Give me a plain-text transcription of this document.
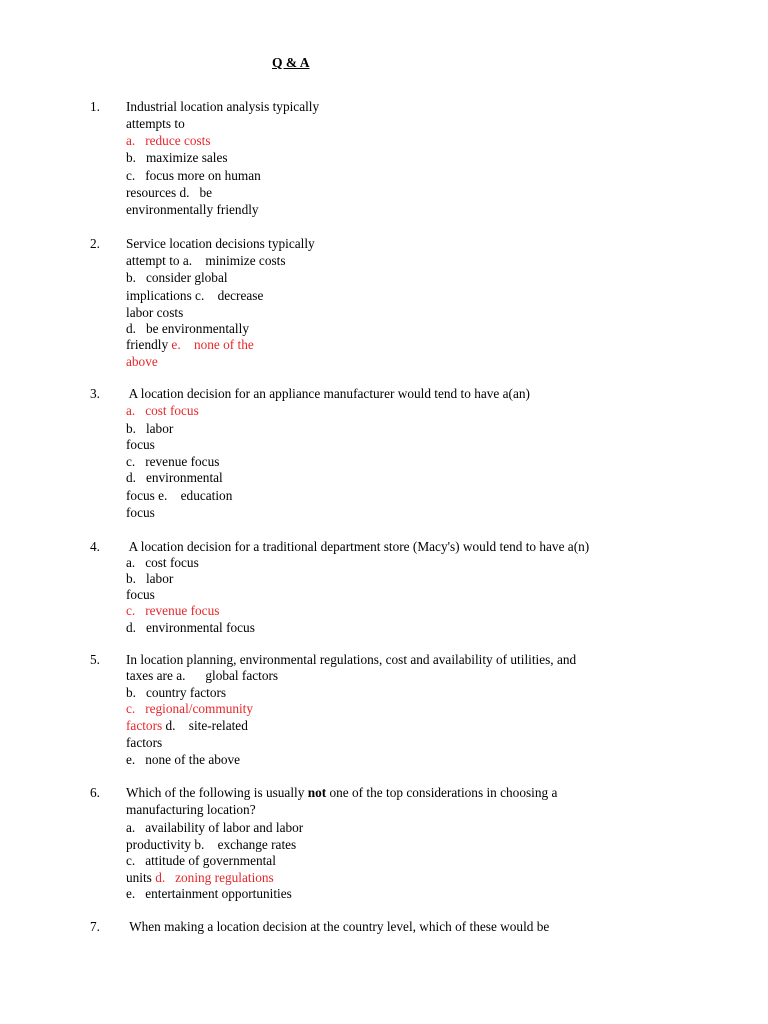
Q & A
1. Industrial location analysis typically
attempts to
a.   reduce costs
b.   maximize sales
c.   focus more on human
resources d.   be
environmentally friendly
2. Service location decisions typically
attempt to a.    minimize costs
b.   consider global
implications c.    decrease
labor costs
d.   be environmentally
friendly e.    none of the
above
3. A location decision for an appliance manufacturer would tend to have a(an)
a.   cost focus
b.   labor
focus
c.   revenue focus
d.   environmental
focus e.    education
focus
4. A location decision for a traditional department store (Macy's) would tend to have a(n)
a.   cost focus
b.   labor
focus
c.   revenue focus
d.   environmental focus
5. In location planning, environmental regulations, cost and availability of utilities, and
taxes are a.      global factors
b.   country factors
c.   regional/community
factors d.    site-related
factors
e.   none of the above
6. Which of the following is usually not one of the top considerations in choosing a
manufacturing location?
a.   availability of labor and labor
productivity b.    exchange rates
c.   attitude of governmental
units d.   zoning regulations
e.   entertainment opportunities
7. When making a location decision at the country level, which of these would be
